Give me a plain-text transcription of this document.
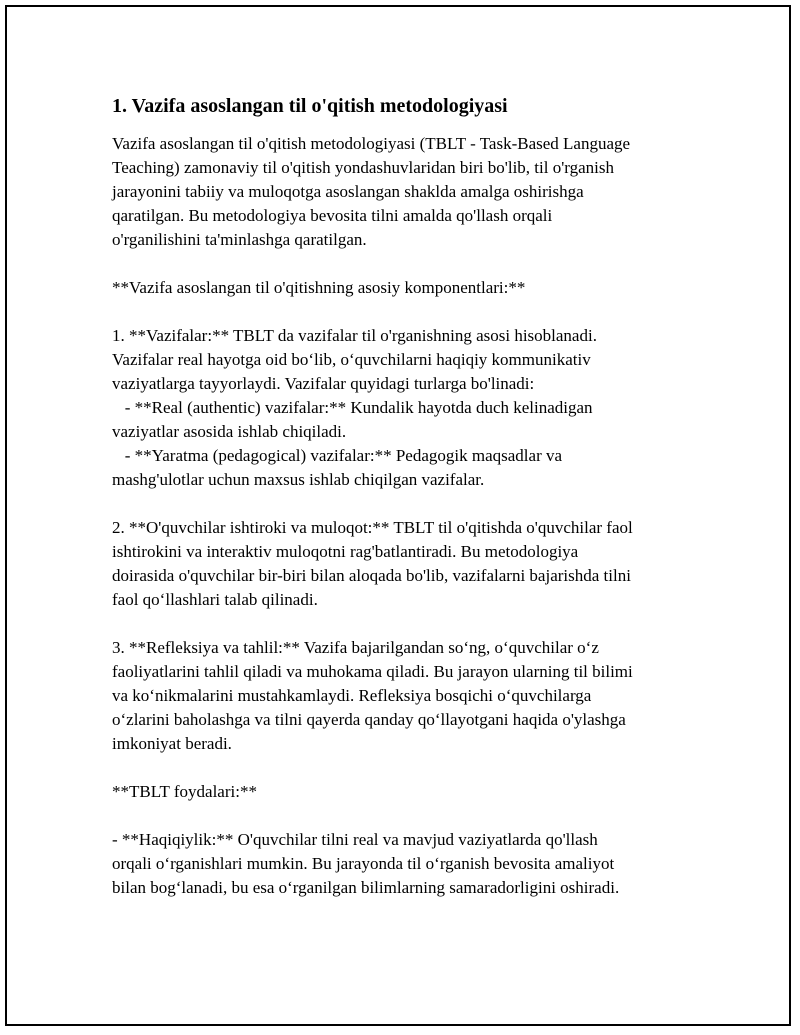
1. Vazifa asoslangan til o'qitish metodologiyasi
Vazifa asoslangan til o'qitish metodologiyasi (TBLT - Task-Based Language
Teaching) zamonaviy til o'qitish yondashuvlaridan biri bo'lib, til o'rganish
jarayonini tabiiy va muloqotga asoslangan shaklda amalga oshirishga
qaratilgan. Bu metodologiya bevosita tilni amalda qo'llash orqali
o'rganilishini ta'minlashga qaratilgan.
**Vazifa asoslangan til o'qitishning asosiy komponentlari:**
1. **Vazifalar:** TBLT da vazifalar til o'rganishning asosi hisoblanadi.
Vazifalar real hayotga oid bo‘lib, o‘quvchilarni haqiqiy kommunikativ
vaziyatlarga tayyorlaydi. Vazifalar quyidagi turlarga bo'linadi:
- **Real (authentic) vazifalar:** Kundalik hayotda duch kelinadigan
vaziyatlar asosida ishlab chiqiladi.
- **Yaratma (pedagogical) vazifalar:** Pedagogik maqsadlar va
mashg'ulotlar uchun maxsus ishlab chiqilgan vazifalar.
2. **O'quvchilar ishtiroki va muloqot:** TBLT til o'qitishda o'quvchilar faol
ishtirokini va interaktiv muloqotni rag'batlantiradi. Bu metodologiya
doirasida o'quvchilar bir-biri bilan aloqada bo'lib, vazifalarni bajarishda tilni
faol qo‘llashlari talab qilinadi.
3. **Refleksiya va tahlil:** Vazifa bajarilgandan so‘ng, o‘quvchilar o‘z
faoliyatlarini tahlil qiladi va muhokama qiladi. Bu jarayon ularning til bilimi
va ko‘nikmalarini mustahkamlaydi. Refleksiya bosqichi o‘quvchilarga
o‘zlarini baholashga va tilni qayerda qanday qo‘llayotgani haqida o'ylashga
imkoniyat beradi.
**TBLT foydalari:**
- **Haqiqiylik:** O'quvchilar tilni real va mavjud vaziyatlarda qo'llash
orqali o‘rganishlari mumkin. Bu jarayonda til o‘rganish bevosita amaliyot
bilan bog‘lanadi, bu esa o‘rganilgan bilimlarning samaradorligini oshiradi.
